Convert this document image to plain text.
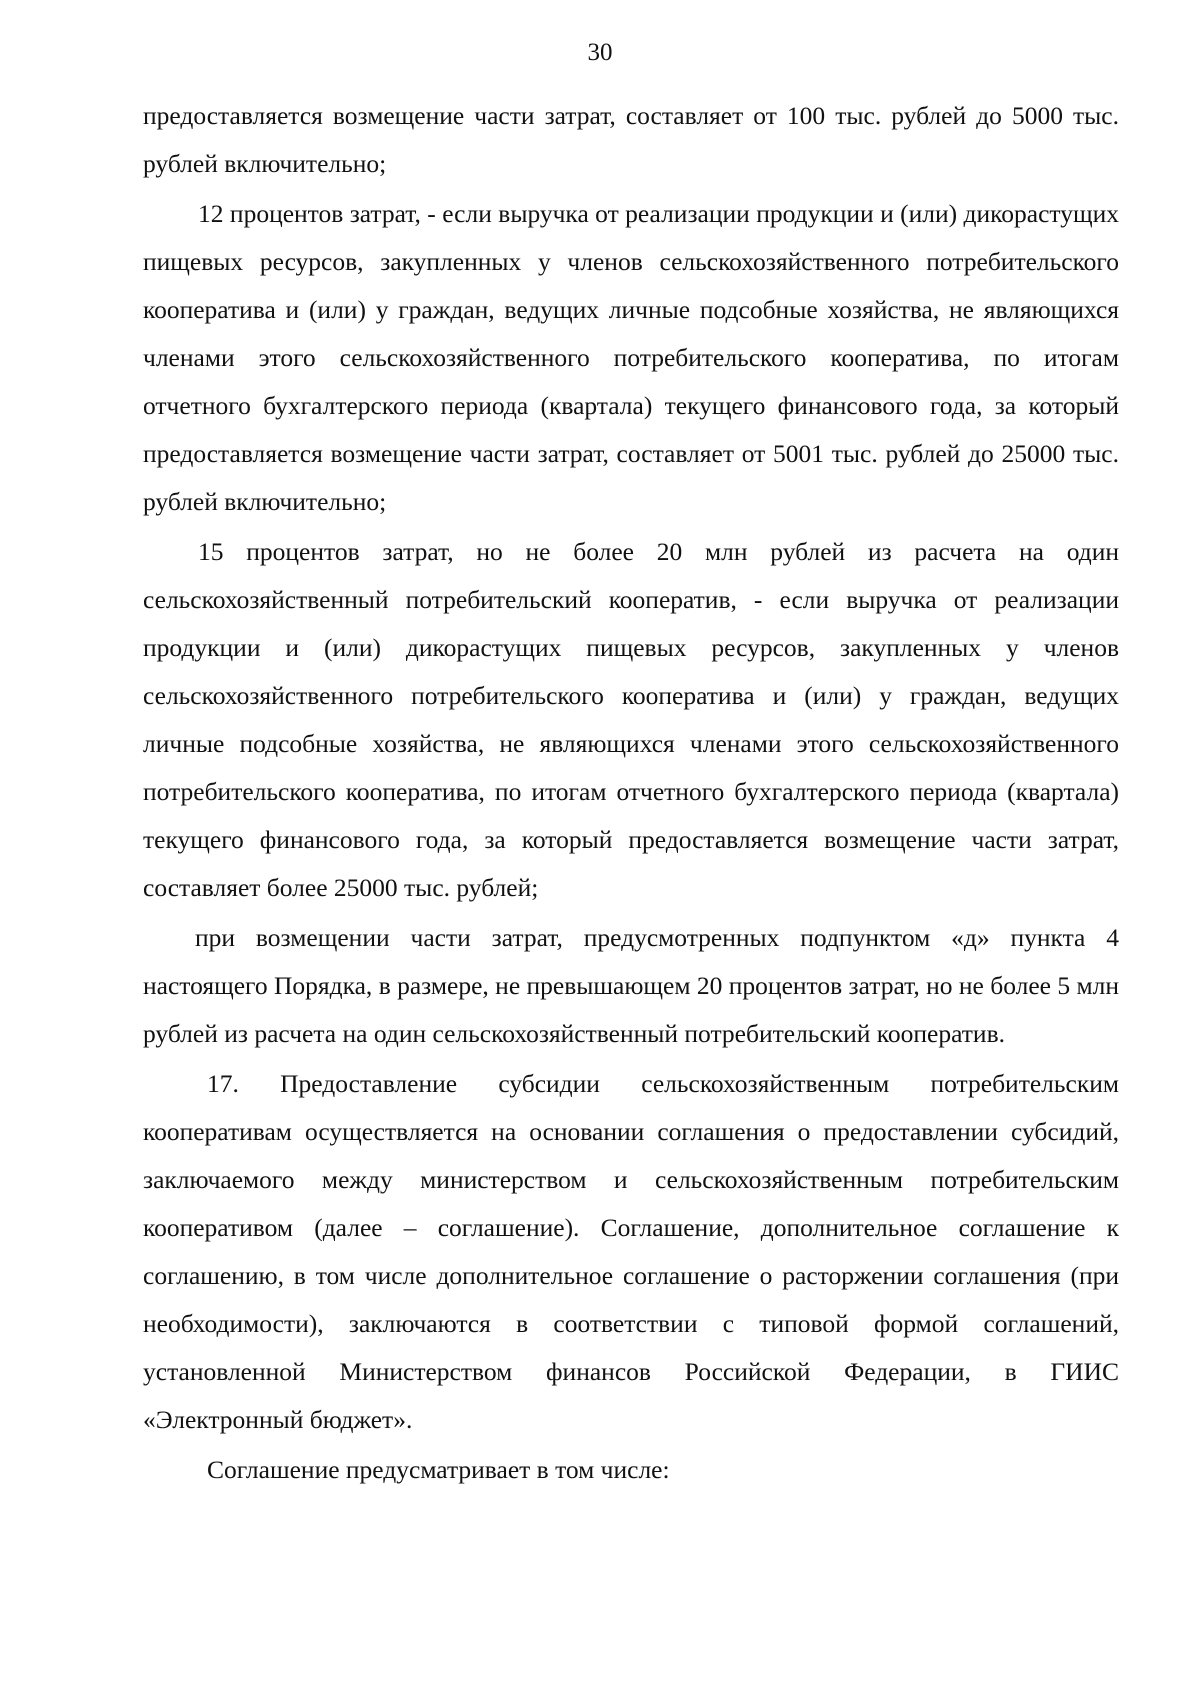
30

предоставляется возмещение части затрат, составляет от 100 тыс. рублей до 5000 тыс. рублей включительно;

12 процентов затрат, - если выручка от реализации продукции и (или) дикорастущих пищевых ресурсов, закупленных у членов сельскохозяйственного потребительского кооператива и (или) у граждан, ведущих личные подсобные хозяйства, не являющихся членами этого сельскохозяйственного потребительского кооператива, по итогам отчетного бухгалтерского периода (квартала) текущего финансового года, за который предоставляется возмещение части затрат, составляет от 5001 тыс. рублей до 25000 тыс. рублей включительно;

15 процентов затрат, но не более 20 млн рублей из расчета на один сельскохозяйственный потребительский кооператив, - если выручка от реализации продукции и (или) дикорастущих пищевых ресурсов, закупленных у членов сельскохозяйственного потребительского кооператива и (или) у граждан, ведущих личные подсобные хозяйства, не являющихся членами этого сельскохозяйственного потребительского кооператива, по итогам отчетного бухгалтерского периода (квартала) текущего финансового года, за который предоставляется возмещение части затрат, составляет более 25000 тыс. рублей;

при возмещении части затрат, предусмотренных подпунктом «д» пункта 4 настоящего Порядка, в размере, не превышающем 20 процентов затрат, но не более 5 млн рублей из расчета на один сельскохозяйственный потребительский кооператив.

17. Предоставление субсидии сельскохозяйственным потребительским кооперативам осуществляется на основании соглашения о предоставлении субсидий, заключаемого между министерством и сельскохозяйственным потребительским кооперативом (далее – соглашение). Соглашение, дополнительное соглашение к соглашению, в том числе дополнительное соглашение о расторжении соглашения (при необходимости), заключаются в соответствии с типовой формой соглашений, установленной Министерством финансов Российской Федерации, в ГИИС «Электронный бюджет».

Соглашение предусматривает в том числе:
